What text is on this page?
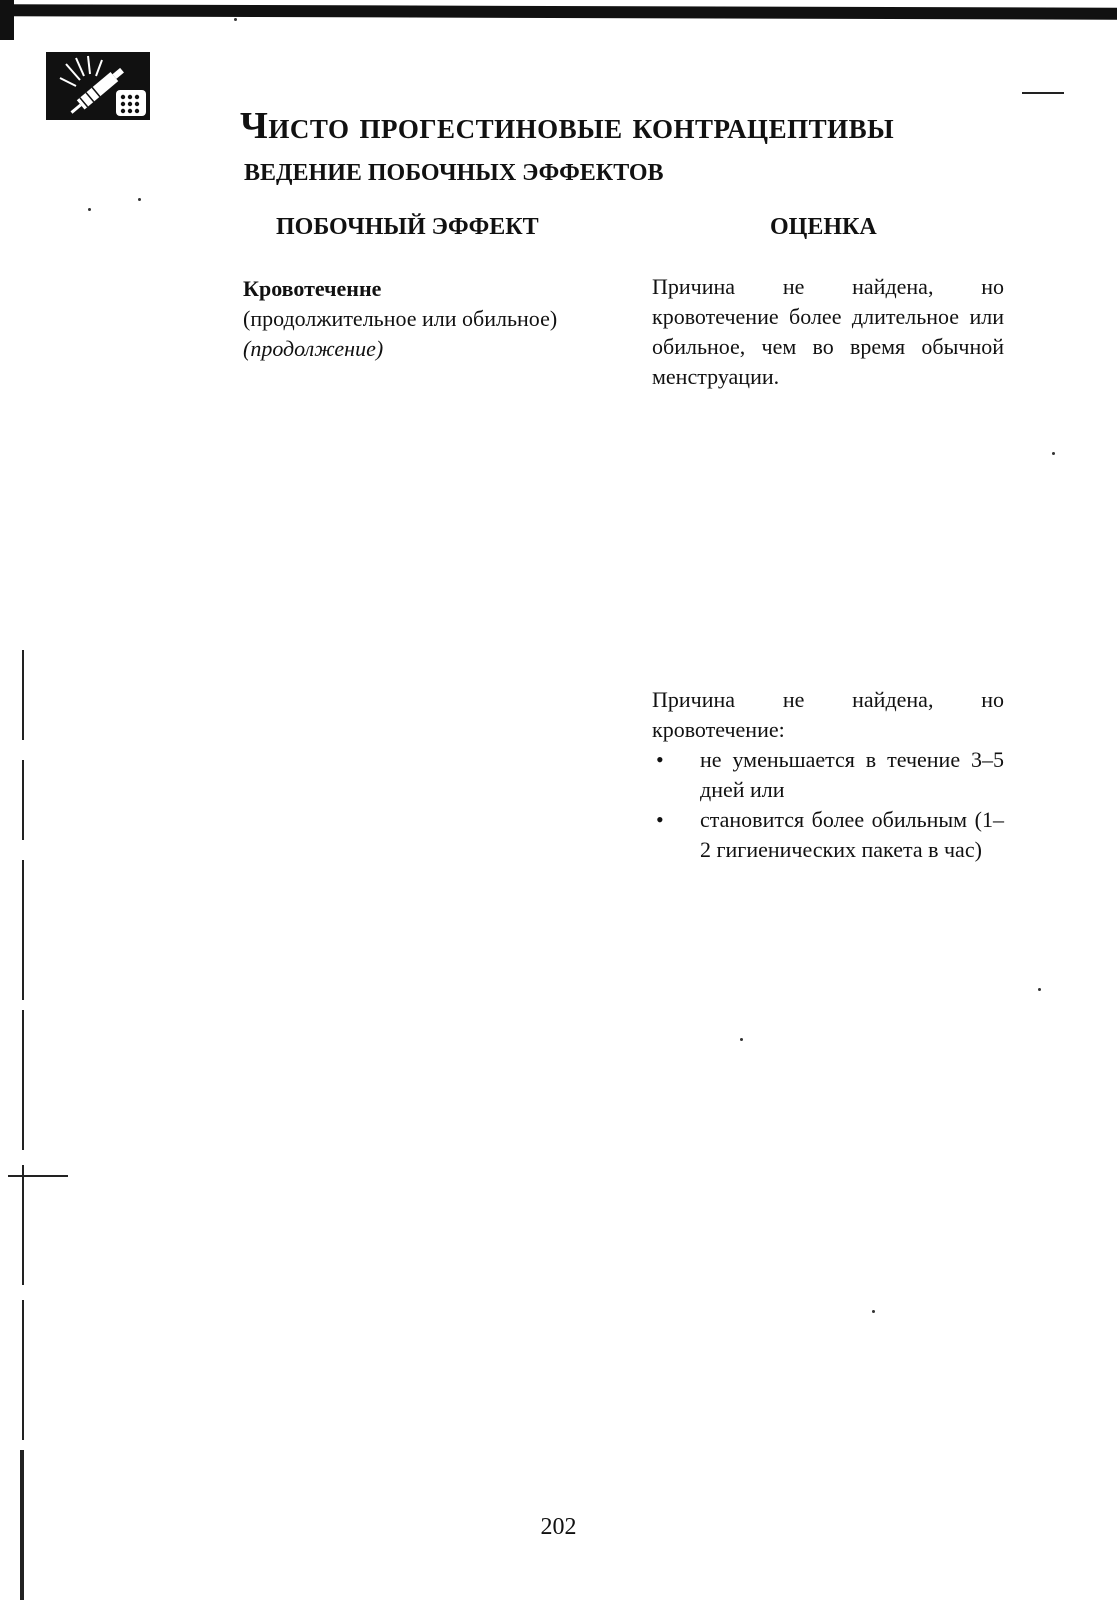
Чисто прогестиновые контрацептивы
ВЕДЕНИЕ ПОБОЧНЫХ ЭФФЕКТОВ
ПОБОЧНЫЙ ЭФФЕКТ	ОЦЕНКА
Кровотеченне
(продолжительное или обильное) (продолжение)
Причина не найдена, но кровотечение более длительное или обильное, чем во время обычной менструации.
Причина не найдена, но кровотечение:
• не уменьшается в течение 3–5 дней или
• становится более обильным (1–2 гигиенических пакета в час)
202
